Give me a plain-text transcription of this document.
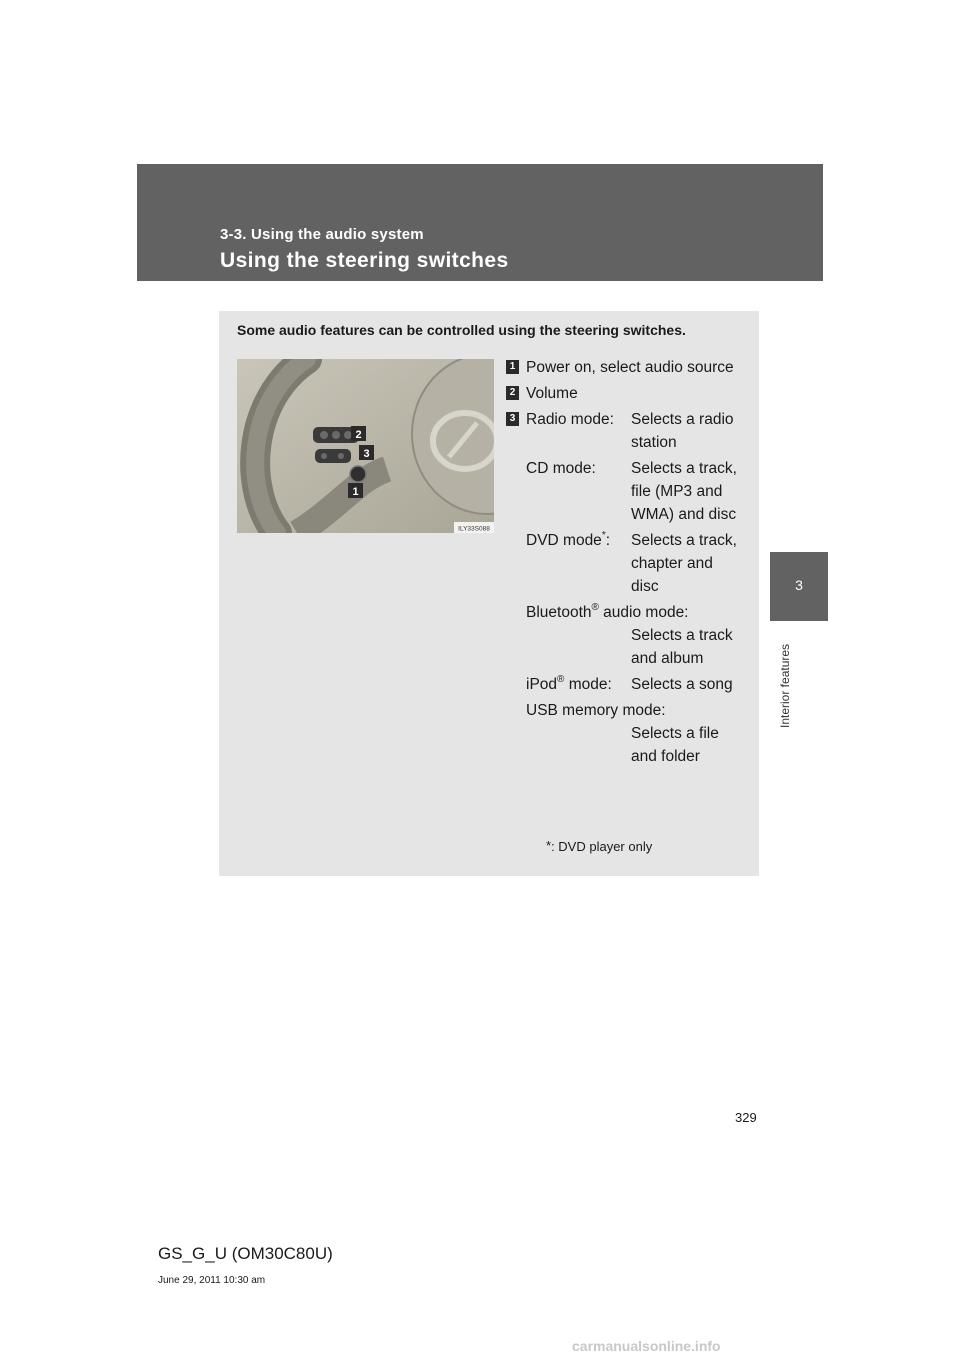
3-3. Using the audio system
Using the steering switches
3
Interior features
Some audio features can be controlled using the steering switches.
2
3
1
ILY33S088
1 Power on, select audio source
2 Volume
3 Radio mode:	Selects a radio station
CD mode:	Selects a track, file (MP3 and WMA) and disc
DVD mode*:	Selects a track, chapter and disc
Bluetooth® audio mode:
Selects a track and album
iPod® mode:	Selects a song
USB memory mode:
Selects a file and folder
*: DVD player only
329
GS_G_U (OM30C80U)
June 29, 2011 10:30 am
carmanualsonline.info
